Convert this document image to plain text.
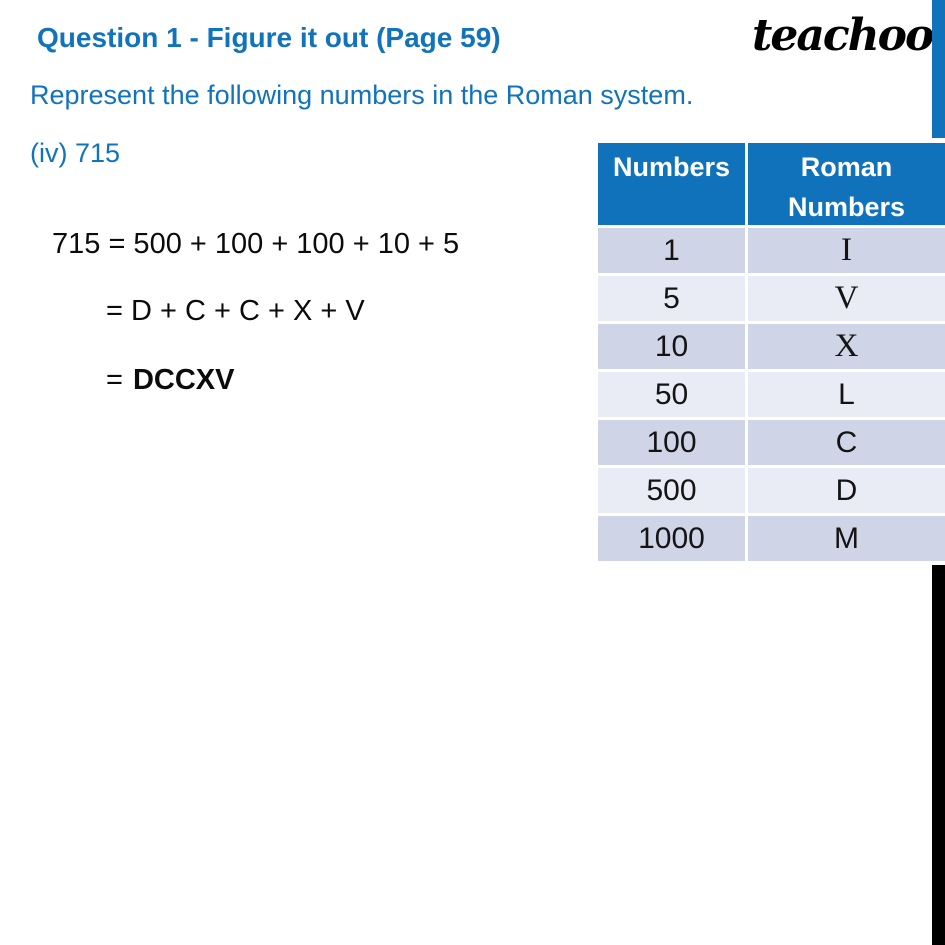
Question 1 - Figure it out (Page 59)	teachoo
Represent the following numbers in the Roman system.
(iv) 715
715 = 500 + 100 + 100 + 10 + 5
= D + C + C + X + V
= DCCXV
Numbers	Roman Numbers
1	I
5	V
10	X
50	L
100	C
500	D
1000	M
